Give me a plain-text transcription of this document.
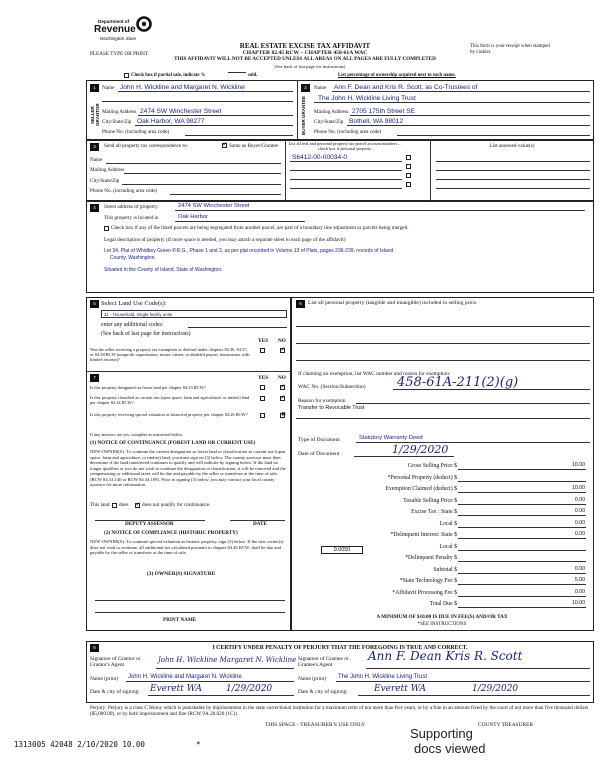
Department of
Revenue
Washington State
REAL ESTATE EXCISE TAX AFFIDAVIT
CHAPTER 82.45 RCW – CHAPTER 458-61A WAC
THIS AFFIDAVIT WILL NOT BE ACCEPTED UNLESS ALL AREAS ON ALL PAGES ARE FULLY COMPLETED
(See back of last page for instructions)
PLEASE TYPE OR PRINT
This form is your receipt when stamped by cashier.
Check box if partial sale, indicate %	sold.	List percentage of ownership acquired next to each name.
1
SELLER GRANTOR
Name John H. Wickline and Margaret N. Wickline
Mailing Address 2474 SW Winchester Street
City/State/Zip Oak Harbor, WA 98277
Phone No. (including area code)
2
BUYER GRANTEE
Name Ann F. Dean and Kris R. Scott, as Co-Trustees of
The John H. Wickline Living Trust
Mailing Address 2705 175th Street SE
City/State/Zip Bothell, WA 98012
Phone No. (including area code)
3	Send all property tax correspondence to: ✓	Same as Buyer/Grantee	List all real and personal property tax parcel account numbers – check box if personal property	List assessed value(s)
S6412-00-00034-0
Name
Mailing Address
City/State/Zip
Phone No. (including area code)
4	Street address of property:	2474 SW Winchester Street
This property is located in	Oak Harbor
Check box if any of the listed parcels are being segregated from another parcel, are part of a boundary line adjustment or parcels being merged.
Legal description of property (if more space is needed, you may attach a separate sheet to each page of the affidavit)
Lot 34, Plat of Whidbey Green P.R.G., Phase 1 and 2, as per plat recorded in Volume 13 of Plats, pages 236-239, records of Island
County, Washington.
Situated in the County of Island, State of Washington.
5 Select Land Use Code(s):
11 - Household, single family units
enter any additional codes:
(See back of last page for instructions)
YES NO
Was the seller receiving a property tax exemption or deferral under chapters 84.36, 84.37, or 84.38 RCW (nonprofit organization, senior citizen, or disabled person, homeowner with limited income)?
✓
7	YES NO
Is this property designated as forest land per chapter 84.33 RCW?
✓
Is this property classified as current use (open space, farm and agricultural, or timber) land per chapter 84.34 RCW?
✓
Is this property receiving special valuation as historical property per chapter 84.26 RCW?
✖
If any answers are yes, complete as instructed below.
(1) NOTICE OF CONTINUANCE (FOREST LAND OR CURRENT USE)
NEW OWNER(S): To continue the current designation as forest land or classification as current use (open space, farm and agriculture, or timber) land, you must sign on (3) below. The county assessor must then determine if the land transferred continues to qualify and will indicate by signing below. If the land no longer qualifies or you do not wish to continue the designation or classification, it will be removed and the compensating or additional taxes will be due and payable by the seller or transferor at the time of sale. (RCW 84.33.140 or RCW 84.34.108). Prior to signing (3) below, you may contact your local county assessor for more information.
This land does ✓	does not qualify for continuance.
DEPUTY ASSESSOR	DATE
(2) NOTICE OF COMPLIANCE (HISTORIC PROPERTY)
NEW OWNER(S): To continue special valuation as historic property, sign (3) below. If the new owner(s) does not wish to continue, all additional tax calculated pursuant to chapter 84.26 RCW, shall be due and payable by the seller or transferor at the time of sale.
(3) OWNER(S) SIGNATURE
PRINT NAME
6	List all personal property (tangible and intangible) included in selling price.
If claiming an exemption, list WAC number and reason for exemption:
WAC No. (Section/Subsection) 458-61A-211(2)(g)
Reason for exemption
Transfer to Revocable Trust
Type of Document	Statutory Warranty Deed
Date of Document	1/29/2020
Gross Selling Price $	10.00
*Personal Property (deduct) $
Exemption Claimed (deduct) $	10.00
Taxable Selling Price $	0.00
Excise Tax : State $	0.00
Local $	0.00
*Delinquent Interest: State $	0.00
Local $
*Delinquent Penalty $
Subtotal $	0.00
*State Technology Fee $	5.00
*Affidavit Processing Fee $	0.00
Total Due $	10.00
0.0050
A MINIMUM OF $10.00 IS DUE IN FEE(S) AND/OR TAX
*SEE INSTRUCTIONS
8	I CERTIFY UNDER PENALTY OF PERJURY THAT THE FOREGOING IS TRUE AND CORRECT.
Signature of Grantor or Grantor's Agent
John H. Wickline Margaret N. Wickline Signature of Grantee or Grantee's Agent
Ann F. Dean Kris R. Scott
Name (print) John H. Wickline and Margaret N. Wickline	Name (print) The John H. Wickline Living Trust
Date & city of signing: Everett WA	1/29/2020	Date & city of signing:	Everett WA	1/29/2020
Perjury: Perjury is a class C felony which is punishable by imprisonment in the state correctional institution for a maximum term of not more than five years, or by a fine in an amount fixed by the court of not more than five thousand dollars ($5,000.00), or by both imprisonment and fine (RCW 9A.20.020 (1C)).
THIS SPACE - TREASURER'S USE ONLY	COUNTY TREASURER
1313005 42048 2/10/2020 10.00	*
Supporting
docs viewed
